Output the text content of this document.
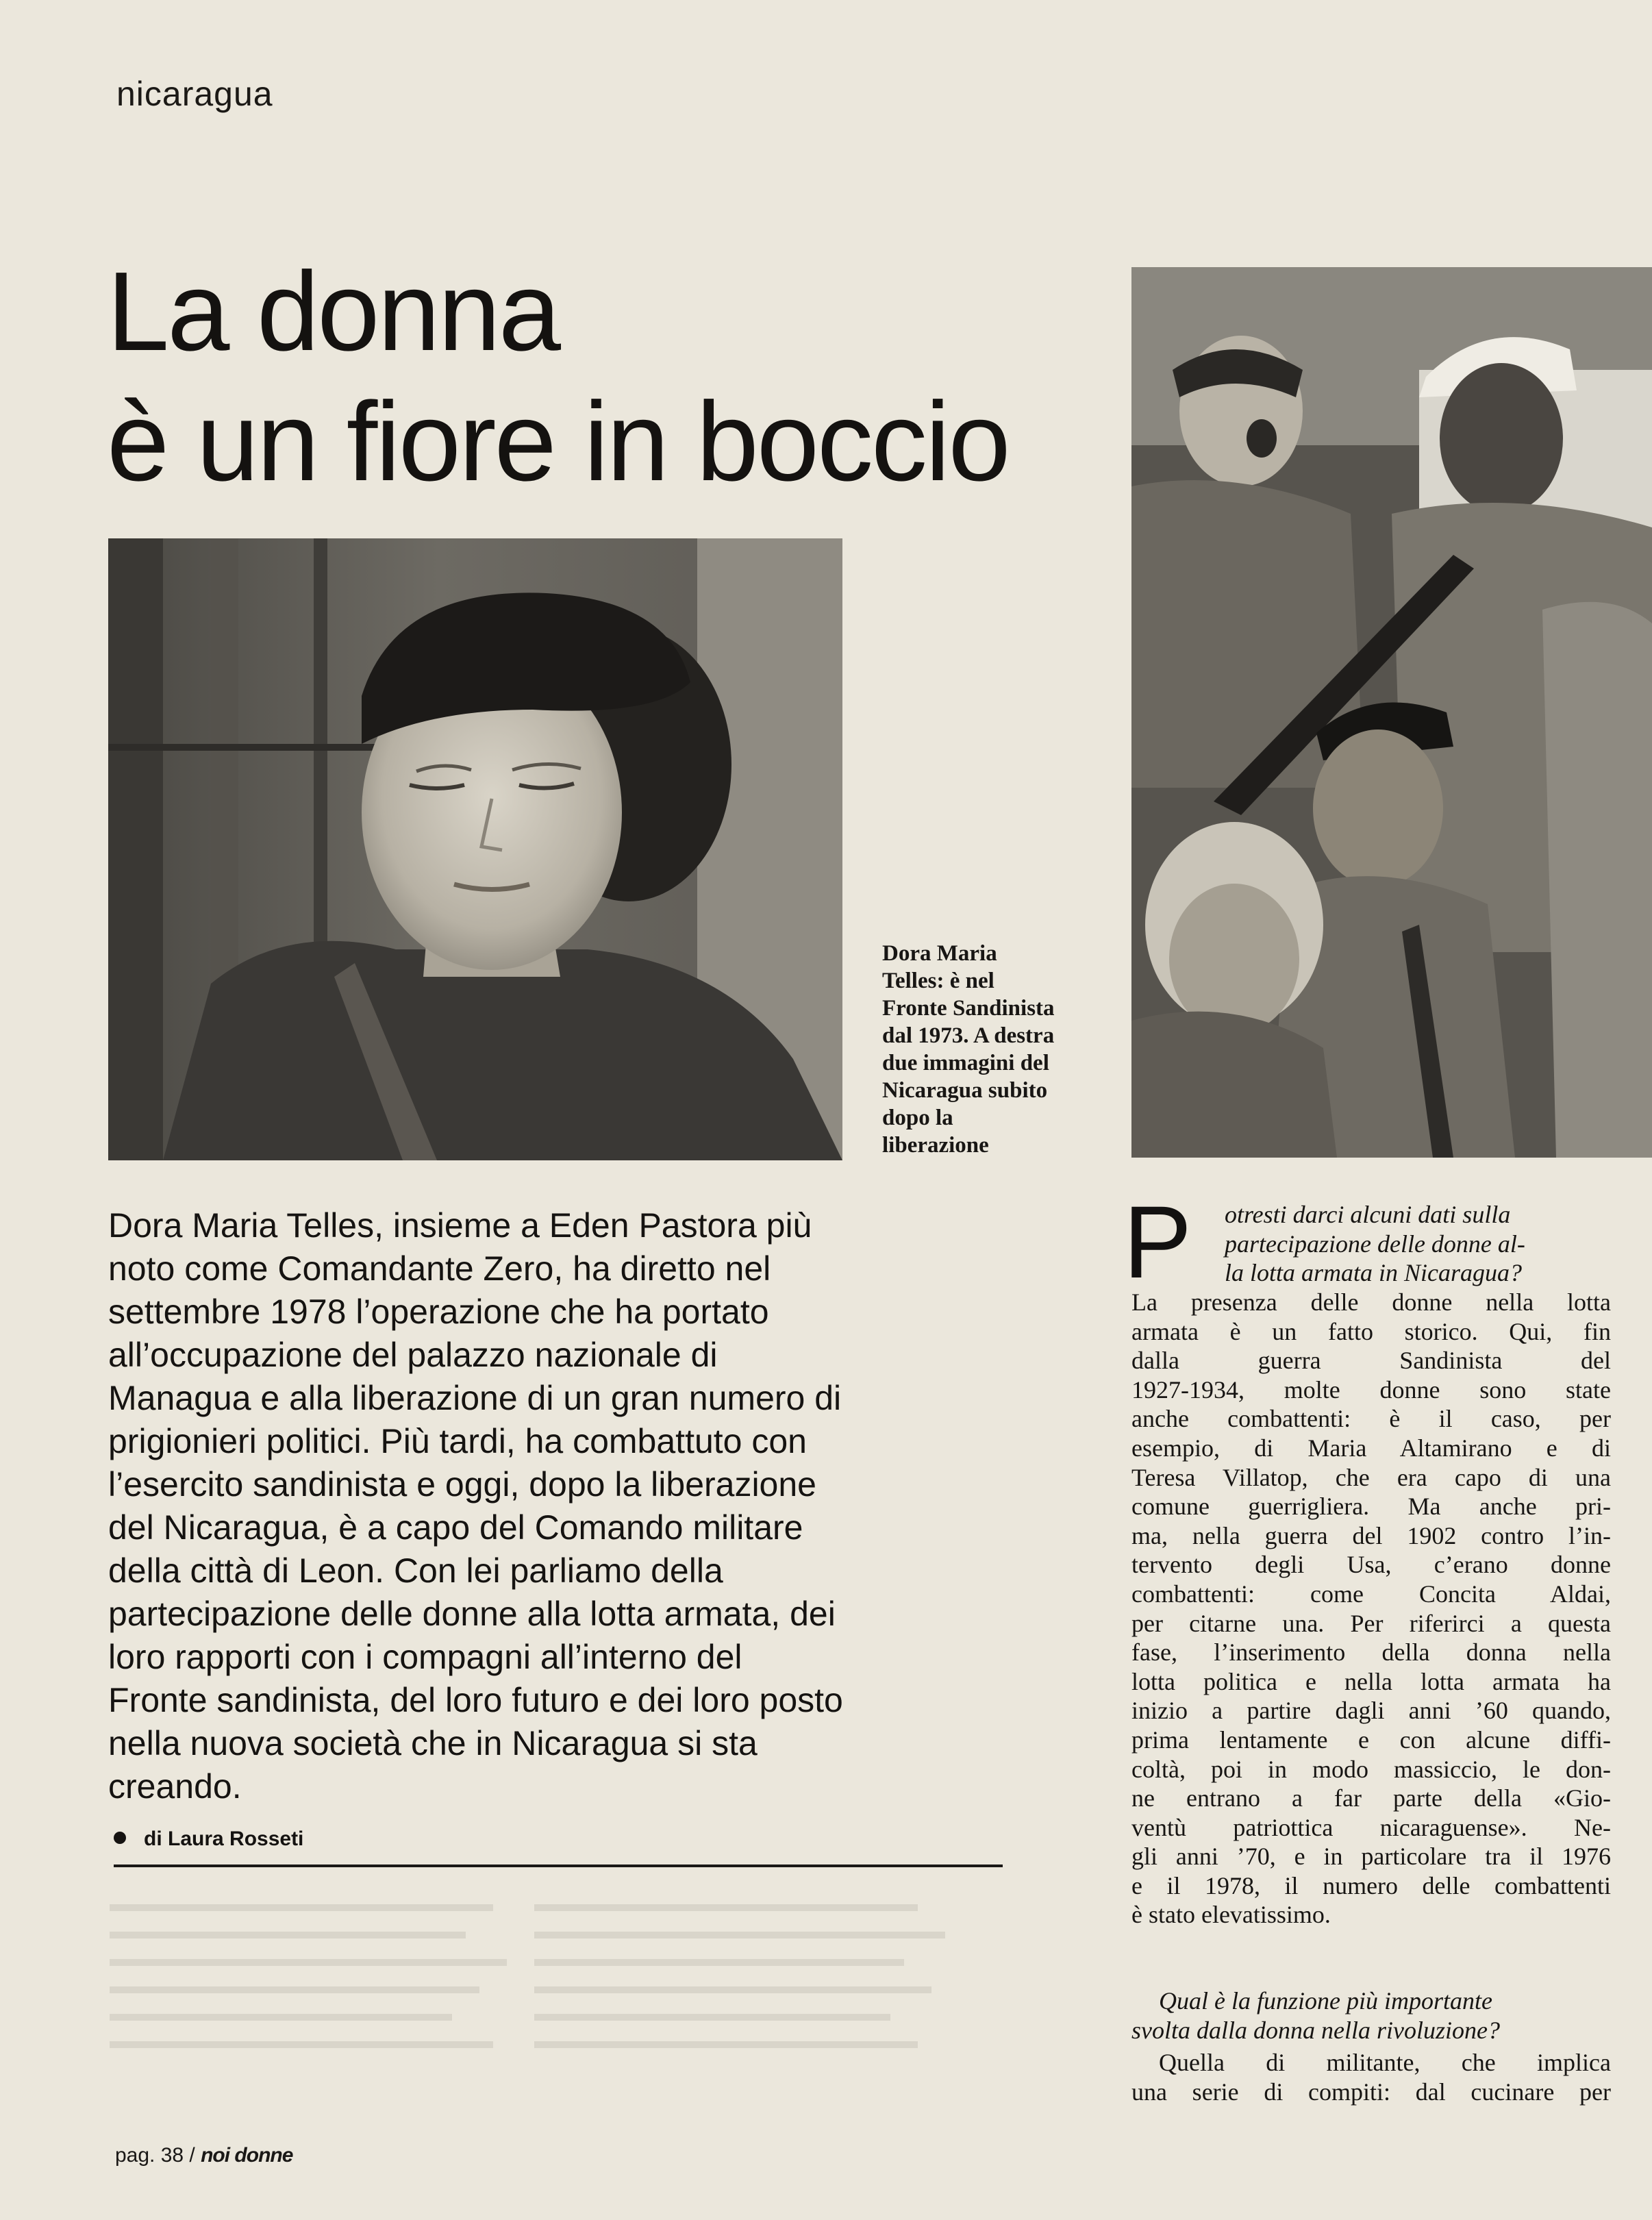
nicaragua
La donna
è un fiore in boccio
Dora Maria
Telles: è nel
Fronte Sandinista
dal 1973. A destra
due immagini del
Nicaragua subito
dopo la
liberazione
Dora Maria Telles, insieme a Eden Pastora più
noto come Comandante Zero, ha diretto nel
settembre 1978 l’operazione che ha portato
all’occupazione del palazzo nazionale di
Managua e alla liberazione di un gran numero di
prigionieri politici. Più tardi, ha combattuto con
l’esercito sandinista e oggi, dopo la liberazione
del Nicaragua, è a capo del Comando militare
della città di Leon. Con lei parliamo della
partecipazione delle donne alla lotta armata, dei
loro rapporti con i compagni all’interno del
Fronte sandinista, del loro futuro e dei loro posto
nella nuova società che in Nicaragua si sta
creando.
di Laura Rosseti
P otresti darci alcuni dati sulla
partecipazione delle donne al-
la lotta armata in Nicaragua?
La presenza delle donne nella lotta
armata è un fatto storico. Qui, fin
dalla guerra Sandinista del
1927-1934, molte donne sono state
anche combattenti: è il caso, per
esempio, di Maria Altamirano e di
Teresa Villatop, che era capo di una
comune guerrigliera. Ma anche pri-
ma, nella guerra del 1902 contro l’in-
tervento degli Usa, c’erano donne
combattenti: come Concita Aldai,
per citarne una. Per riferirci a questa
fase, l’inserimento della donna nella
lotta politica e nella lotta armata ha
inizio a partire dagli anni ’60 quando,
prima lentamente e con alcune diffi-
coltà, poi in modo massiccio, le don-
ne entrano a far parte della «Gio-
ventù patriottica nicaraguense». Ne-
gli anni ’70, e in particolare tra il 1976
e il 1978, il numero delle combattenti
è stato elevatissimo.
Qual è la funzione più importante
svolta dalla donna nella rivoluzione?
Quella di militante, che implica
una serie di compiti: dal cucinare per
pag. 38 / noi donne
